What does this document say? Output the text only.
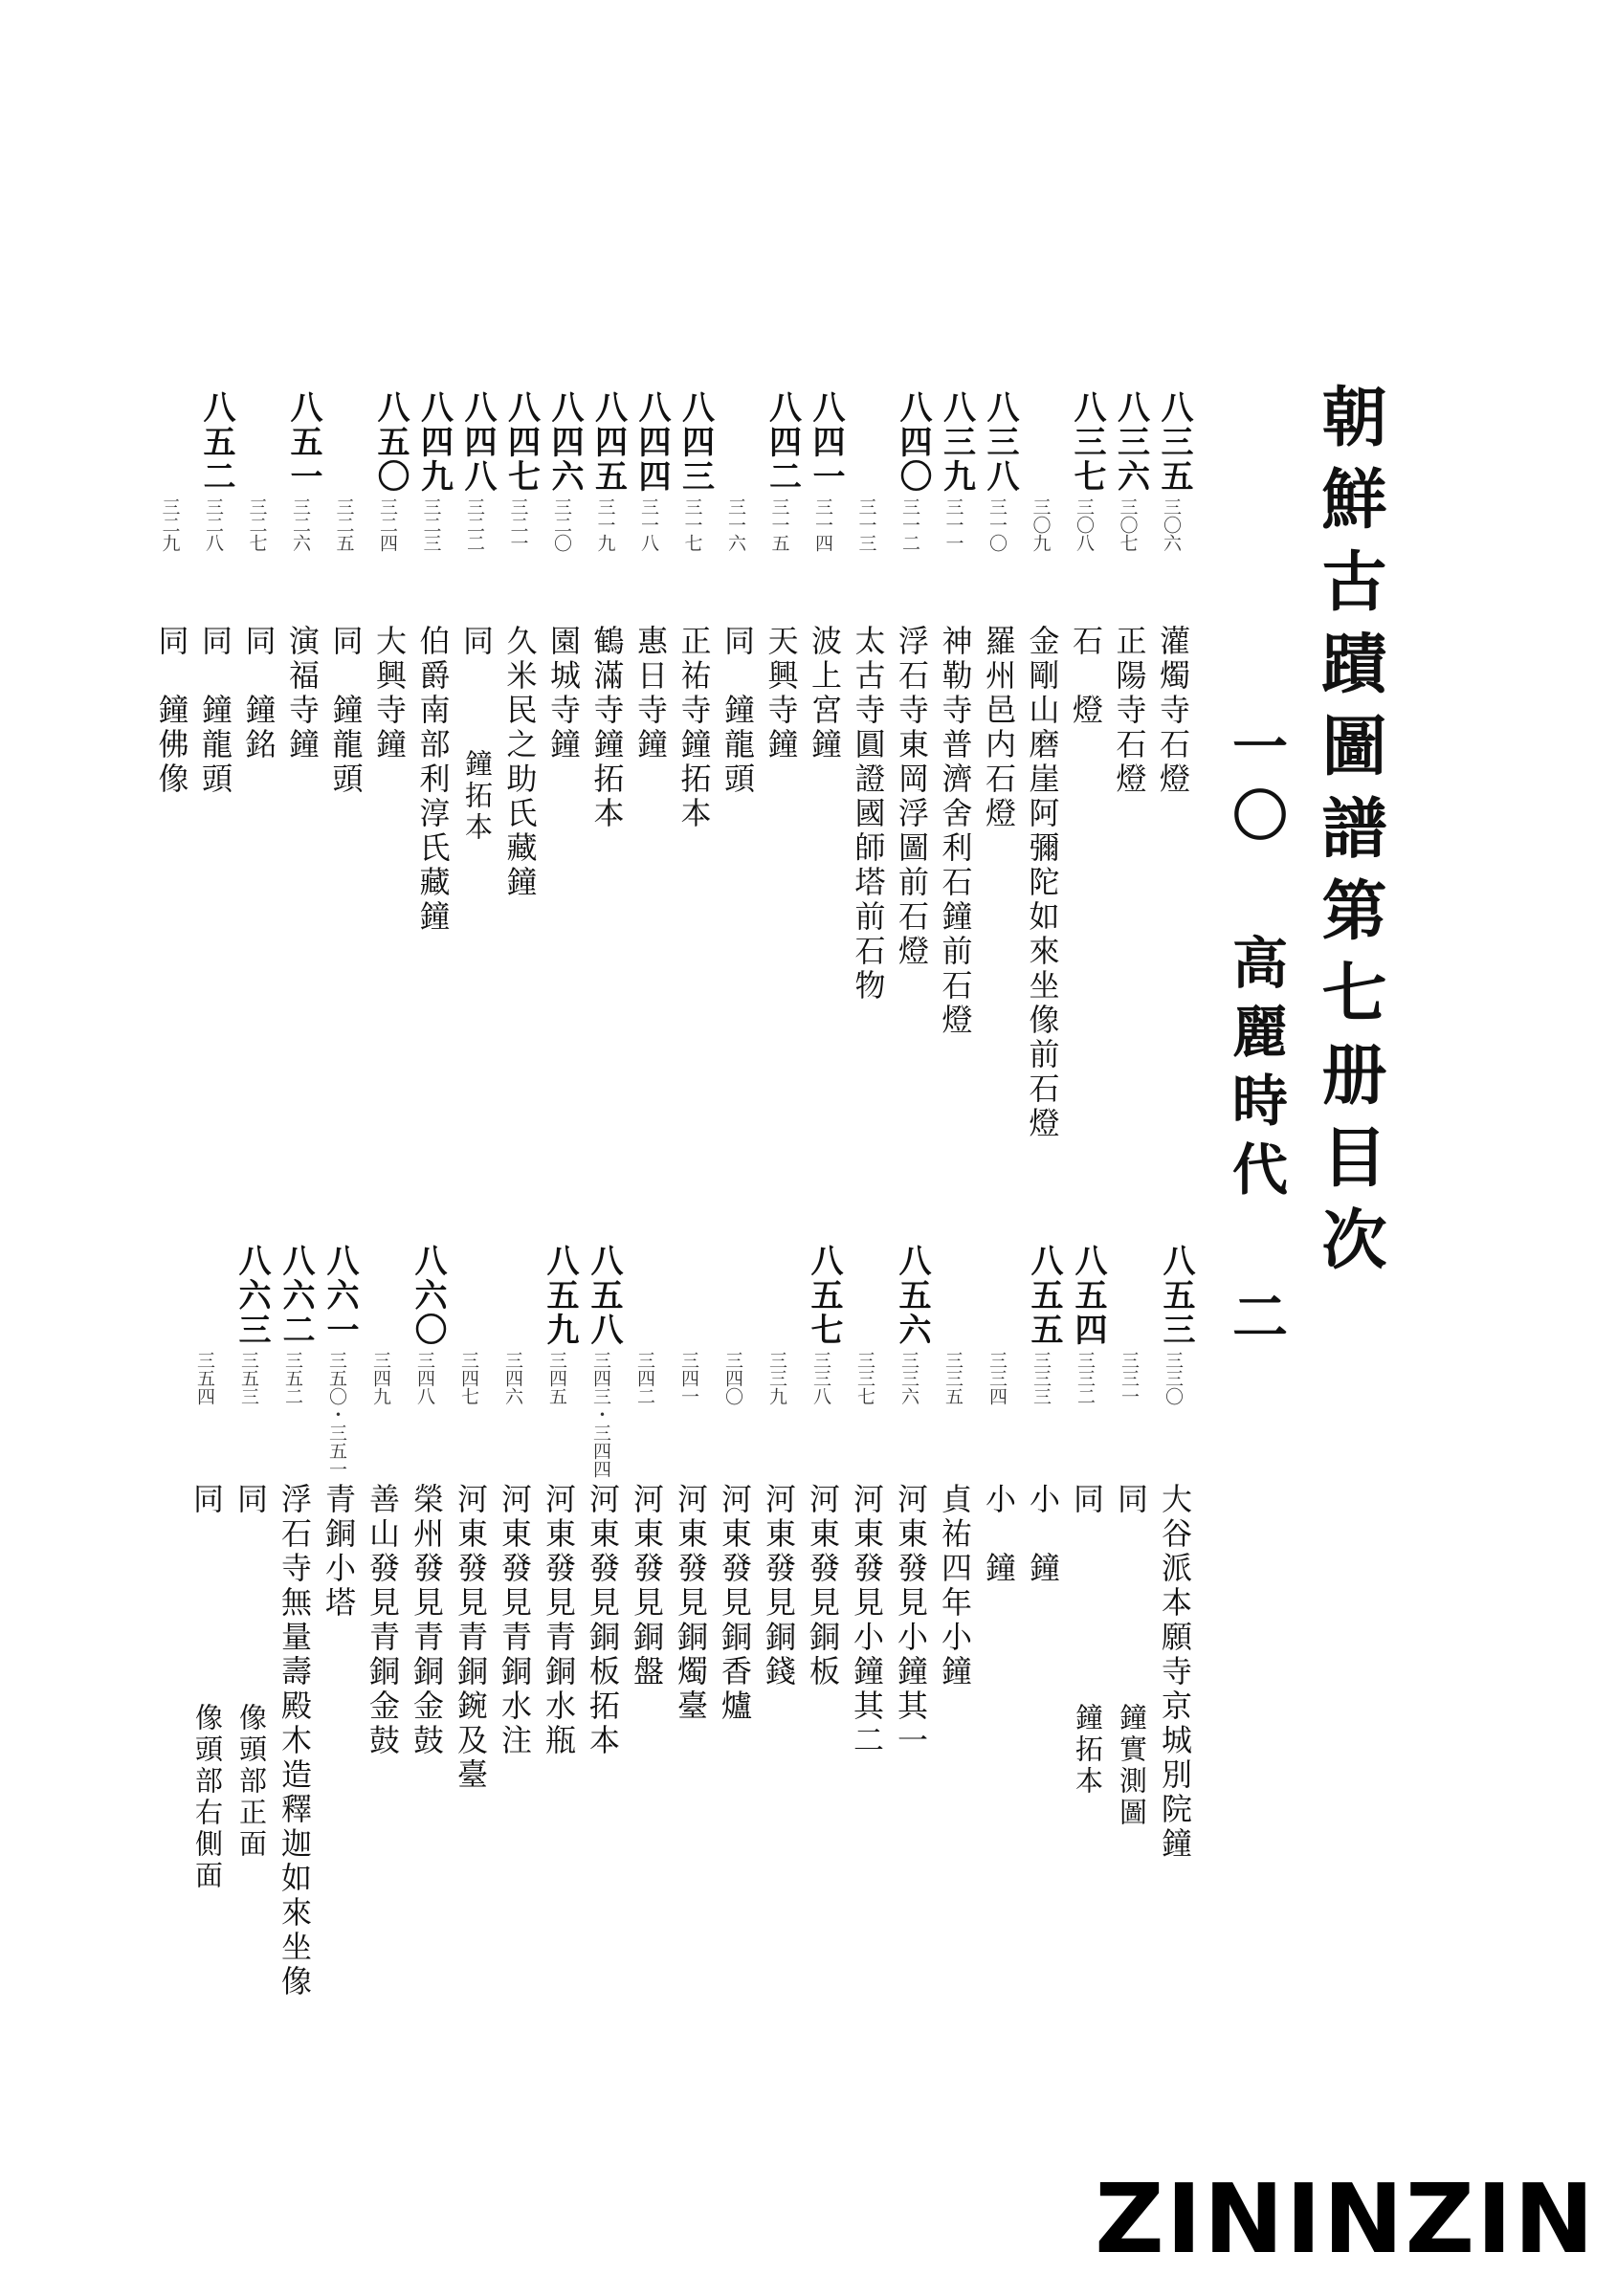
朝鮮古蹟圖譜第七册目次
一〇 高麗時代 二
八三五
三〇六
灌燭寺石燈
八三六
三〇七
正陽寺石燈
八三七
三〇八
石　燈
三〇九
金剛山磨崖阿彌陀如來坐像前石燈
八三八
三一〇
羅州邑内石燈
八三九
三一一
神勒寺普濟舍利石鐘前石燈
八四〇
三一二
浮石寺東岡浮圖前石燈
三一三
太古寺圓證國師塔前石物
八四一
三一四
波上宮鐘
八四二
三一五
天興寺鐘
三一六
同　鐘龍頭
八四三
三一七
正祐寺鐘拓本
八四四
三一八
惠日寺鐘
八四五
三一九
鶴滿寺鐘拓本
八四六
三二〇
園城寺鐘
八四七
三二一
久米民之助氏藏鐘
八四八
三二二
同
鐘拓本
八四九
三二三
伯爵南部利淳氏藏鐘
八五〇
三二四
大興寺鐘
三二五
同　鐘龍頭
八五一
三二六
演福寺鐘
三二七
同　鐘銘
八五二
三二八
同　鐘龍頭
三二九
同　鐘佛像
八五三
三三〇
大谷派本願寺京城別院鐘
三三一
同
鐘實測圖
八五四
三三二
同
鐘拓本
八五五
三三三
小　鐘
三三四
小　鐘
三三五
貞祐四年小鐘
八五六
三三六
河東發見小鐘其一
三三七
河東發見小鐘其二
八五七
三三八
河東發見銅板
三三九
河東發見銅錢
三四〇
河東發見銅香爐
三四一
河東發見銅燭臺
三四二
河東發見銅盤
八五八
三四三・三四四
河東發見銅板拓本
八五九
三四五
河東發見青銅水瓶
三四六
河東發見青銅水注
三四七
河東發見青銅鋺及臺
八六〇
三四八
榮州發見青銅金鼓
三四九
善山發見青銅金鼓
八六一
三五〇・三五一
青銅小塔
八六二
三五二
浮石寺無量壽殿木造釋迦如來坐像
八六三
三五三
同
像頭部正面
三五四
同
像頭部右側面
ZININZIN
